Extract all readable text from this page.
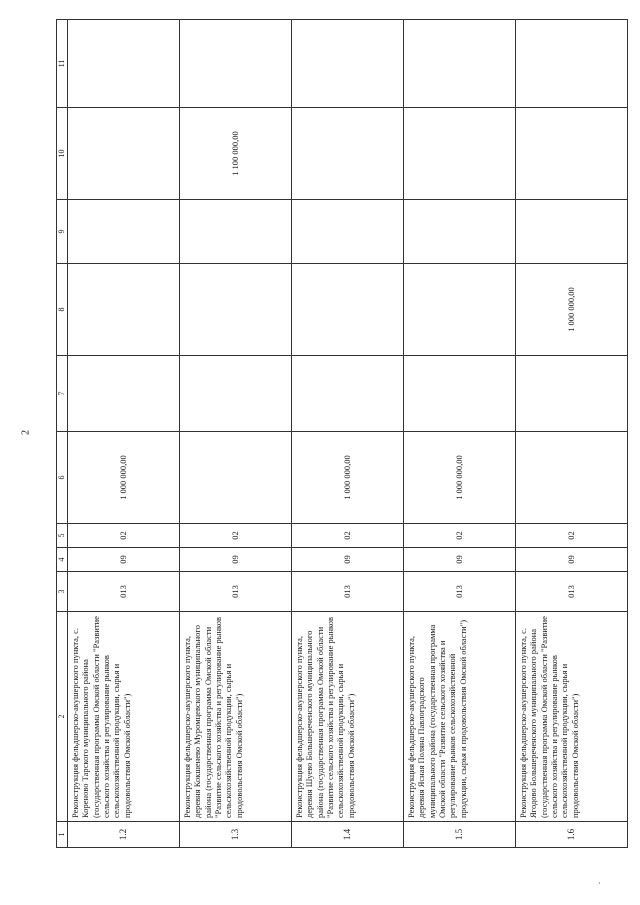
2
1	2	3	4	5	6	7	8	9	10	11
1.2	Реконструкция фельдшерско-акушерского пункта, с. Кореново Тарского муниципального района (государственная программа Омской области "Развитие сельского хозяйства и регулирование рынков сельскохозяйственной продукции, сырья и продовольствия Омской области")	013	09	02	1 000 000,00					
1.3	Реконструкция фельдшерско-акушерского пункта, деревня Кокшенево Муромцевского муниципального района (государственная программа Омской области "Развитие сельского хозяйства и регулирование рынков сельскохозяйственной продукции, сырья и продовольствия Омской области")	013	09	02					1 100 000,00	
1.4	Реконструкция фельдшерско-акушерского пункта, деревня Шуево Большереченского муниципального района (государственная программа Омской области "Развитие сельского хозяйства и регулирование рынков сельскохозяйственной продукции, сырья и продовольствия Омской области")	013	09	02	1 000 000,00					
1.5	Реконструкция фельдшерско-акушерского пункта, деревня Ясная Поляна Павлоградского муниципального района (государственная программа Омской области "Развитие сельского хозяйства и регулирование рынков сельскохозяйственной продукции, сырья и продовольствия Омской области")	013	09	02	1 000 000,00					
1.6	Реконструкция фельдшерско-акушерского пункта, с. Ягодово Большереченского муниципального района (государственная программа Омской области "Развитие сельского хозяйства и регулирование рынков сельскохозяйственной продукции, сырья и продовольствия Омской области")	013	09	02			1 000 000,00			
·
